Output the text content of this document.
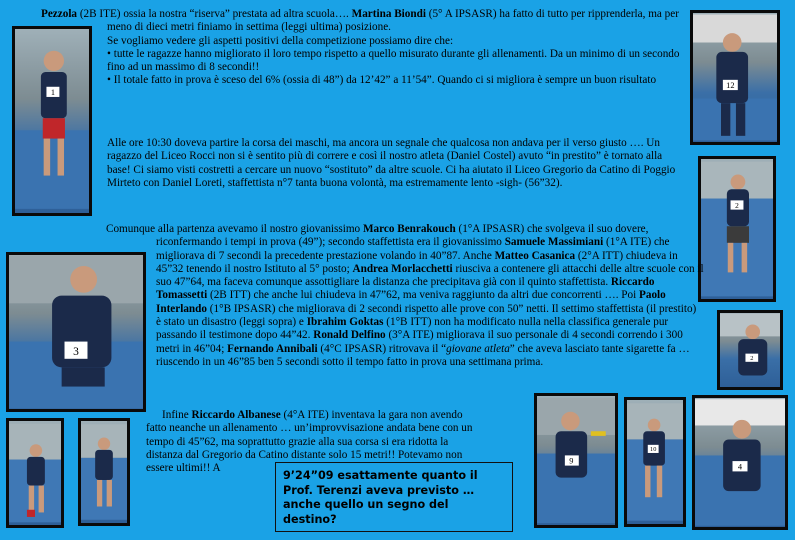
1
12
2
3
2
9
10
4

Pezzola (2B ITE) ossia la nostra “riserva” prestata ad altra scuola…. Martina Biondi (5° A IPSASR) ha fatto di tutto per ripprenderla, ma per meno di dieci metri finiamo in settima (leggi ultima) posizione.

Se vogliamo vedere gli aspetti positivi della competizione possiamo dire che:

• tutte le ragazze hanno migliorato il loro tempo rispetto a quello misurato durante gli allenamenti. Da un minimo di un secondo fino ad un massimo di 8 secondi!!

• Il totale fatto in prova è sceso del 6% (ossia di 48”) da 12’42” a 11’54”. Quando ci si migliora è sempre un buon risultato

Alle ore 10:30 doveva partire la corsa dei maschi, ma ancora un segnale che qualcosa non andava per il verso giusto …. Un ragazzo del Liceo Rocci non si è sentito più di correre e così il nostro atleta (Daniel Costel) avuto “in prestito” è tornato alla base! Ci siamo visti costretti a cercare un nuovo “sostituto” da altre scuole. Ci ha aiutato il Liceo Gregorio da Catino di Poggio Mirteto con Daniel Loreti, staffettista n°7 tanta buona volontà, ma estremamente lento -sigh- (56”32).

Comunque alla partenza avevamo il nostro giovanissimo Marco Benrakouch (1°A IPSASR) che svolgeva il suo dovere, riconfermando i tempi in prova (49”); secondo staffettista era il giovanissimo Samuele Massimiani (1°A ITE) che migliorava di 7 secondi la precedente prestazione volando in 40”87. Anche Matteo Casanica (2°A ITT) chiudeva in 45”32 tenendo il nostro Istituto al 5° posto; Andrea Morlacchetti riusciva a contenere gli attacchi delle altre scuole con il suo 47”64, ma faceva comunque assottigliare la distanza che precipitava già con il quinto staffettista. Riccardo Tomassetti (2B ITT) che anche lui chiudeva in 47”62, ma veniva raggiunto da altri due concorrenti …. Poi Paolo Interlando (1°B IPSASR) che migliorava di 2 secondi rispetto alle prove con 50” netti. Il settimo staffettista (il prestito) è stato un disastro (leggi sopra) e Ibrahim Goktas (1°B ITT) non ha modificato nulla nella classifica generale pur passando il testimone dopo 44”42. Ronald Delfino (3°A ITE) migliorava il suo personale di 4 secondi correndo i 300 metri in 46”04; Fernando Annibali (4°C IPSASR) ritrovava il “giovane atleta” che aveva lasciato tante sigarette fa … riuscendo in un 46”85 ben 5 secondi sotto il tempo fatto in prova una settimana prima.

Infine Riccardo Albanese (4°A ITE) inventava la gara non avendo fatto neanche un allenamento … un’improvvisazione andata bene con un tempo di 45”62, ma soprattutto grazie alla sua corsa si era ridotta la distanza dal Gregorio da Catino distante solo 15 metri!! Potevamo non essere ultimi!! A

9’24”09 esattamente quanto il Prof. Terenzi aveva previsto … anche quello un segno del destino?
